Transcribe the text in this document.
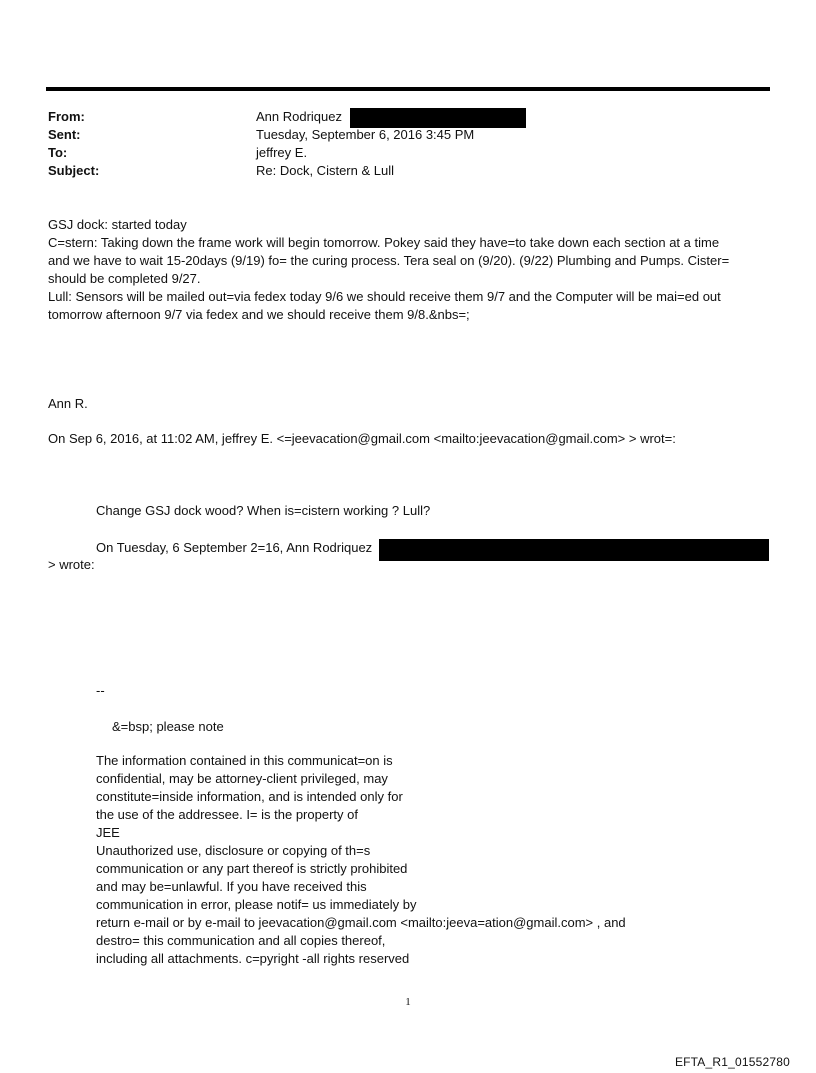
From:	Ann Rodriquez
Sent:	Tuesday, September 6, 2016 3:45 PM
To:	jeffrey E.
Subject:	Re: Dock, Cistern & Lull
GSJ dock: started today
C=stern: Taking down the frame work will begin tomorrow. Pokey said they have=to take down each section at a time
and we have to wait 15-20days (9/19) fo= the curing process. Tera seal on (9/20). (9/22) Plumbing and Pumps. Cister=
should be completed 9/27.
Lull: Sensors will be mailed out=via fedex today 9/6 we should receive them 9/7 and the Computer will be mai=ed out
tomorrow afternoon 9/7 via fedex and we should receive them 9/8.&nbs=;
Ann R.
On Sep 6, 2016, at 11:02 AM, jeffrey E. <=jeevacation@gmail.com <mailto:jeevacation@gmail.com> > wrot=:
Change GSJ dock wood? When is=cistern working ? Lull?
On Tuesday, 6 September 2=16, Ann Rodriquez
> wrote:
--
&=bsp; please note
The information contained in this communicat=on is
confidential, may be attorney-client privileged, may
constitute=inside information, and is intended only for
the use of the addressee. I= is the property of
JEE
Unauthorized use, disclosure or copying of th=s
communication or any part thereof is strictly prohibited
and may be=unlawful. If you have received this
communication in error, please notif= us immediately by
return e-mail or by e-mail to jeevacation@gmail.com <mailto:jeeva=ation@gmail.com> , and
destro= this communication and all copies thereof,
including all attachments. c=pyright -all rights reserved
1
EFTA_R1_01552780
